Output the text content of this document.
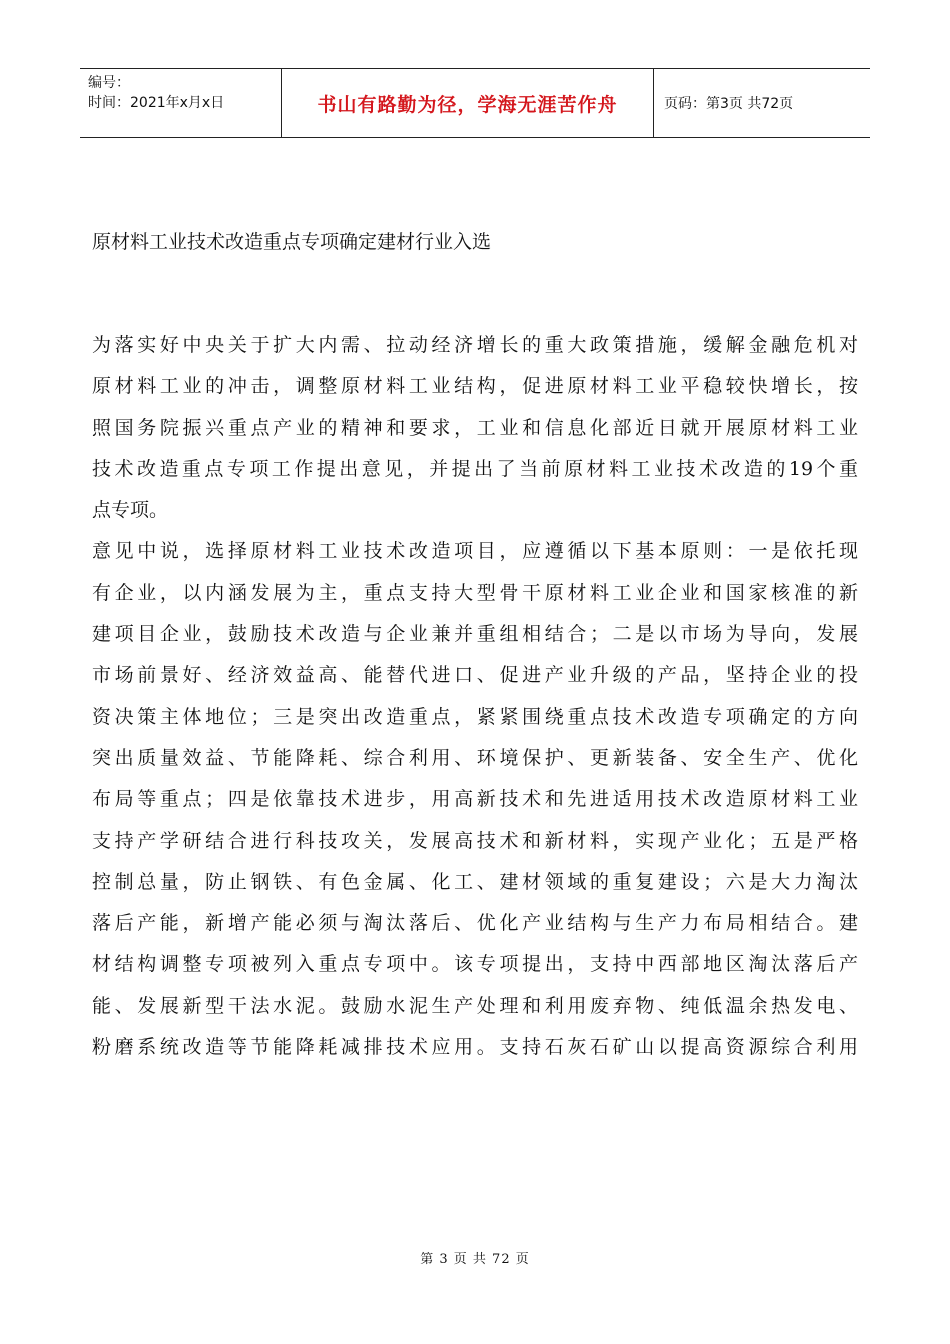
编号：
时间：2021年x月x日	书山有路勤为径，学海无涯苦作舟	页码：第3页 共72页
原材料工业技术改造重点专项确定建材行业入选
为落实好中央关于扩大内需、拉动经济增长的重大政策措施，缓解金融危机对
原材料工业的冲击，调整原材料工业结构，促进原材料工业平稳较快增长，按
照国务院振兴重点产业的精神和要求，工业和信息化部近日就开展原材料工业
技术改造重点专项工作提出意见，并提出了当前原材料工业技术改造的19个重
点专项。
意见中说，选择原材料工业技术改造项目，应遵循以下基本原则：一是依托现
有企业，以内涵发展为主，重点支持大型骨干原材料工业企业和国家核准的新
建项目企业，鼓励技术改造与企业兼并重组相结合；二是以市场为导向，发展
市场前景好、经济效益高、能替代进口、促进产业升级的产品，坚持企业的投
资决策主体地位；三是突出改造重点，紧紧围绕重点技术改造专项确定的方向
突出质量效益、节能降耗、综合利用、环境保护、更新装备、安全生产、优化
布局等重点；四是依靠技术进步，用高新技术和先进适用技术改造原材料工业
支持产学研结合进行科技攻关，发展高技术和新材料，实现产业化；五是严格
控制总量，防止钢铁、有色金属、化工、建材领域的重复建设；六是大力淘汰
落后产能，新增产能必须与淘汰落后、优化产业结构与生产力布局相结合。建
材结构调整专项被列入重点专项中。该专项提出，支持中西部地区淘汰落后产
能、发展新型干法水泥。鼓励水泥生产处理和利用废弃物、纯低温余热发电、
粉磨系统改造等节能降耗减排技术应用。支持石灰石矿山以提高资源综合利用
第 3 页 共 72 页
